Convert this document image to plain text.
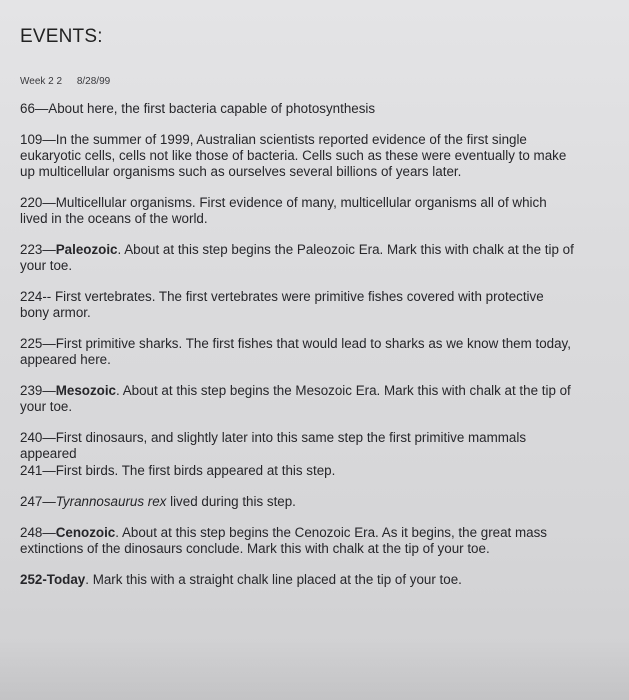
EVENTS:
Week 2 2 8/28/99
66—About here, the first bacteria capable of photosynthesis
109—In the summer of 1999, Australian scientists reported evidence of the first single eukaryotic cells, cells not like those of bacteria. Cells such as these were eventually to make up multicellular organisms such as ourselves several billions of years later.
220—Multicellular organisms. First evidence of many, multicellular organisms all of which lived in the oceans of the world.
223—Paleozoic. About at this step begins the Paleozoic Era. Mark this with chalk at the tip of your toe.
224-- First vertebrates. The first vertebrates were primitive fishes covered with protective bony armor.
225—First primitive sharks. The first fishes that would lead to sharks as we know them today, appeared here.
239—Mesozoic. About at this step begins the Mesozoic Era. Mark this with chalk at the tip of your toe.
240—First dinosaurs, and slightly later into this same step the first primitive mammals appeared
241—First birds. The first birds appeared at this step.
247—Tyrannosaurus rex lived during this step.
248—Cenozoic. About at this step begins the Cenozoic Era. As it begins, the great mass extinctions of the dinosaurs conclude. Mark this with chalk at the tip of your toe.
252-Today. Mark this with a straight chalk line placed at the tip of your toe.
